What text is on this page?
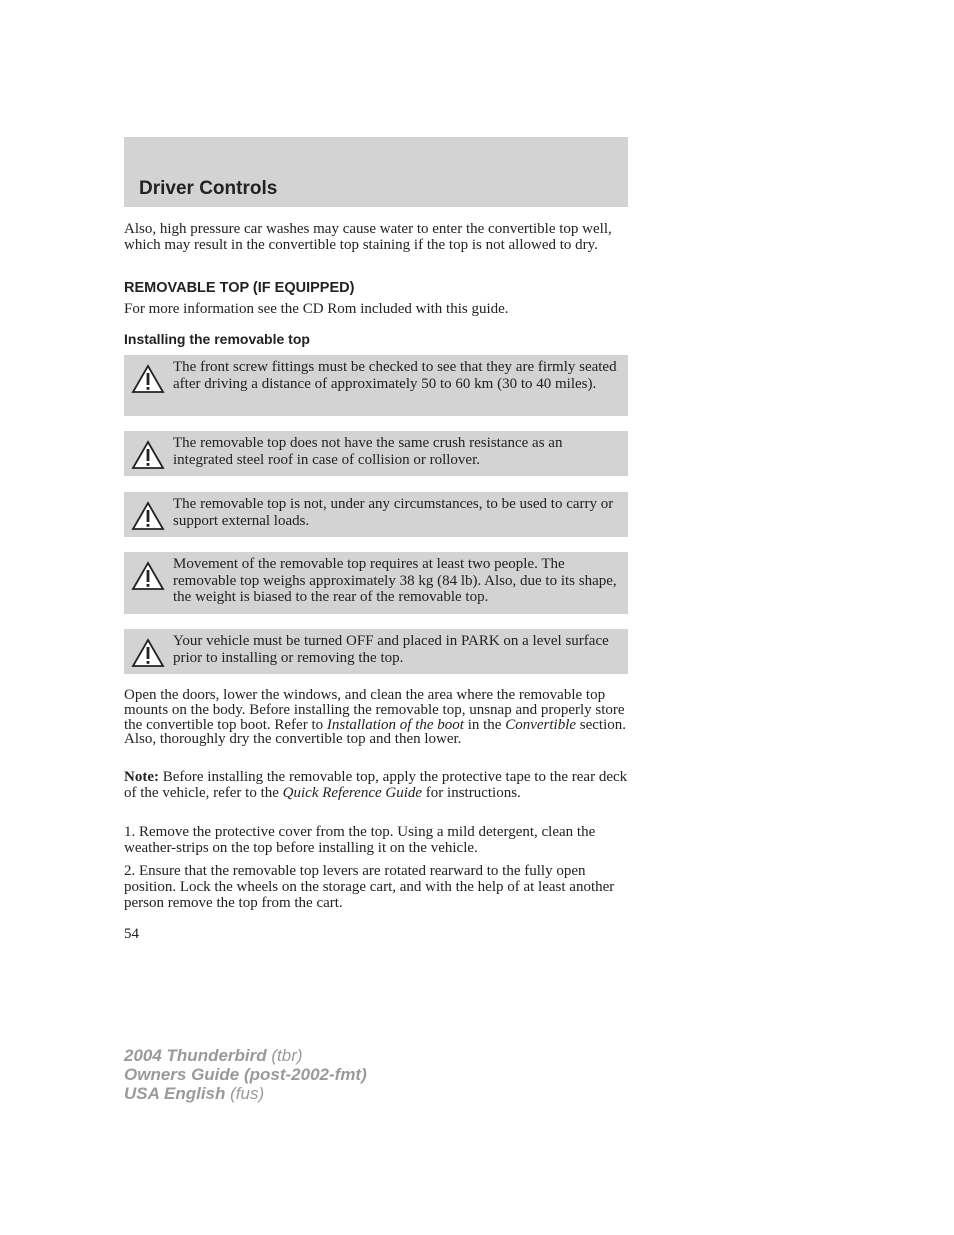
Driver Controls

Also, high pressure car washes may cause water to enter the convertible top well, which may result in the convertible top staining if the top is not allowed to dry.

REMOVABLE TOP (IF EQUIPPED)

For more information see the CD Rom included with this guide.

Installing the removable top

The front screw fittings must be checked to see that they are firmly seated after driving a distance of approximately 50 to 60 km (30 to 40 miles).

The removable top does not have the same crush resistance as an integrated steel roof in case of collision or rollover.

The removable top is not, under any circumstances, to be used to carry or support external loads.

Movement of the removable top requires at least two people. The removable top weighs approximately 38 kg (84 lb). Also, due to its shape, the weight is biased to the rear of the removable top.

Your vehicle must be turned OFF and placed in PARK on a level surface prior to installing or removing the top.

Open the doors, lower the windows, and clean the area where the removable top mounts on the body. Before installing the removable top, unsnap and properly store the convertible top boot. Refer to Installation of the boot in the Convertible section. Also, thoroughly dry the convertible top and then lower.

Note: Before installing the removable top, apply the protective tape to the rear deck of the vehicle, refer to the Quick Reference Guide for instructions.

1. Remove the protective cover from the top. Using a mild detergent, clean the weather-strips on the top before installing it on the vehicle.

2. Ensure that the removable top levers are rotated rearward to the fully open position. Lock the wheels on the storage cart, and with the help of at least another person remove the top from the cart.

54
2004 Thunderbird (tbr)
Owners Guide (post-2002-fmt)
USA English (fus)
